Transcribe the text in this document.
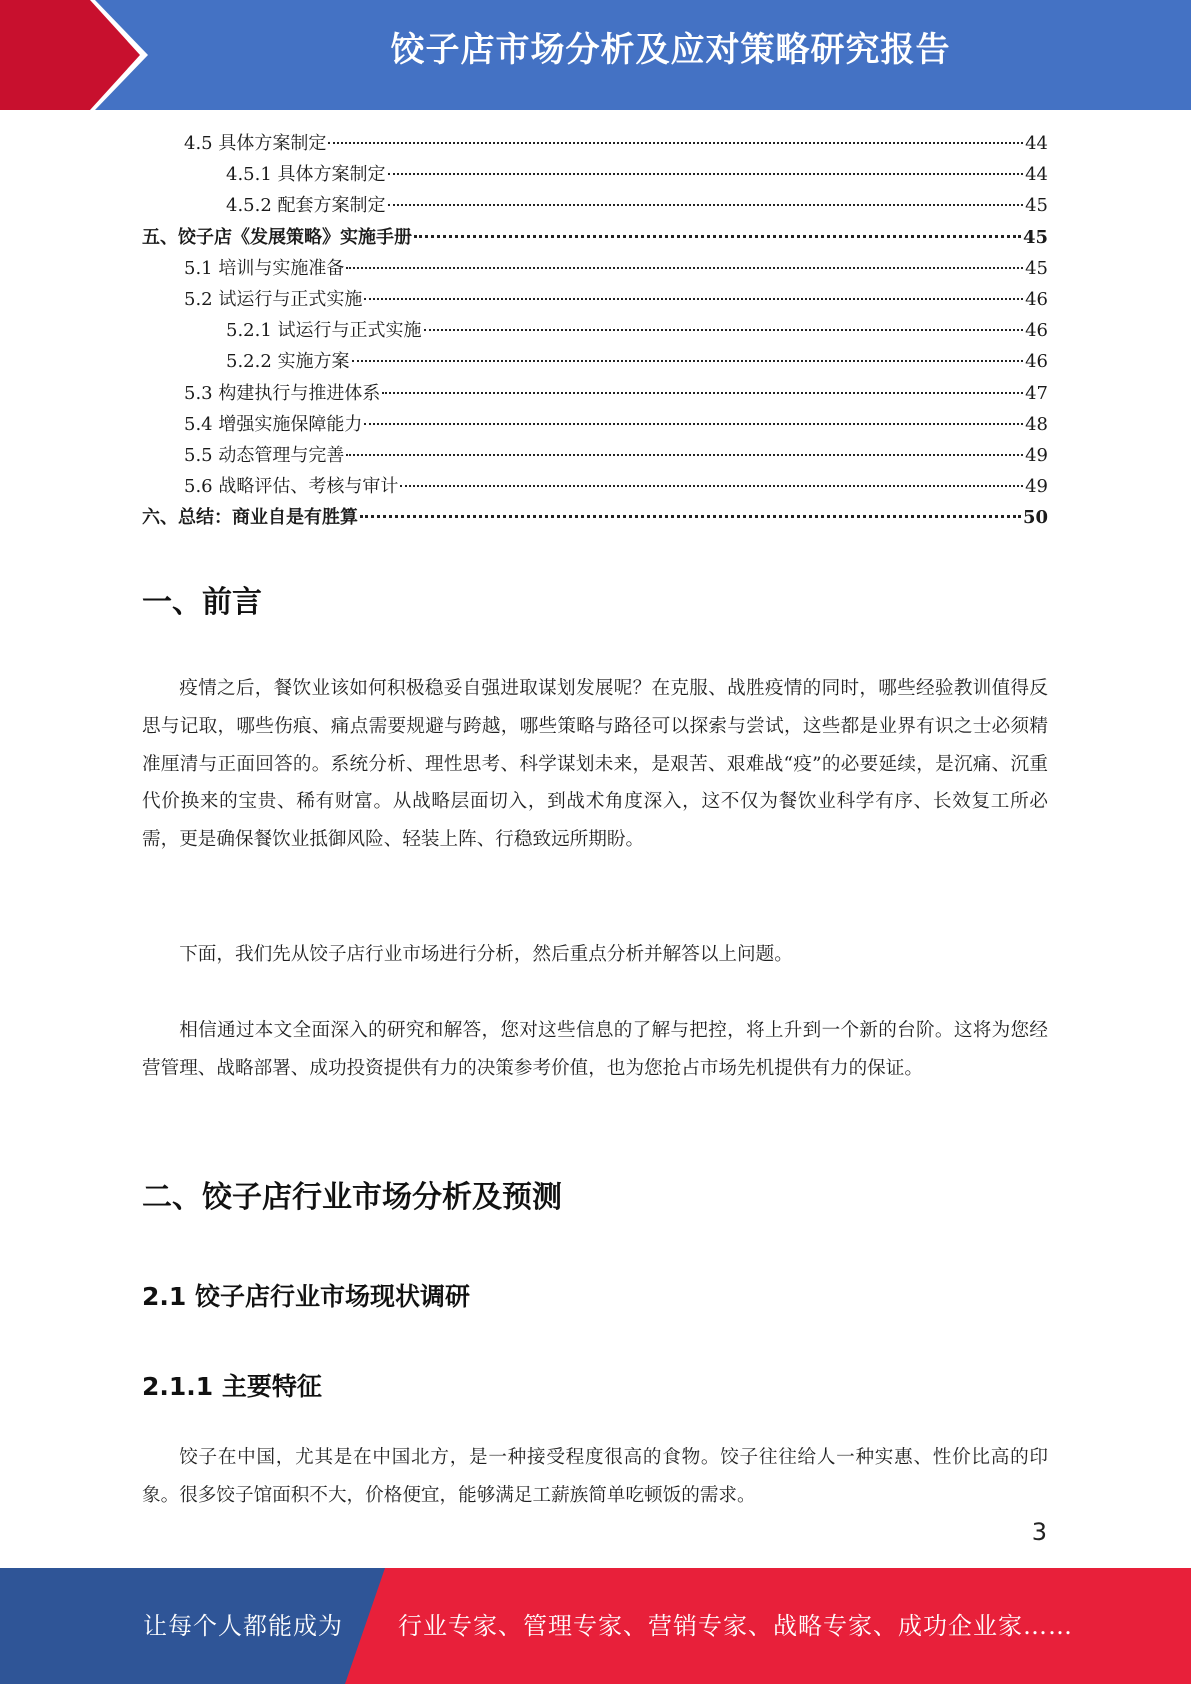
饺子店市场分析及应对策略研究报告
4.5 具体方案制定	44
4.5.1 具体方案制定	44
4.5.2 配套方案制定	45
五、饺子店《发展策略》实施手册	45
5.1 培训与实施准备	45
5.2 试运行与正式实施	46
5.2.1 试运行与正式实施	46
5.2.2 实施方案	46
5.3 构建执行与推进体系	47
5.4 增强实施保障能力	48
5.5 动态管理与完善	49
5.6 战略评估、考核与审计	49
六、总结：商业自是有胜算	50
一、前言
疫情之后，餐饮业该如何积极稳妥自强进取谋划发展呢？在克服、战胜疫情的同时，哪些经验教训值得反思与记取，哪些伤痕、痛点需要规避与跨越，哪些策略与路径可以探索与尝试，这些都是业界有识之士必须精准厘清与正面回答的。系统分析、理性思考、科学谋划未来，是艰苦、艰难战“疫”的必要延续，是沉痛、沉重代价换来的宝贵、稀有财富。从战略层面切入，到战术角度深入，这不仅为餐饮业科学有序、长效复工所必需，更是确保餐饮业抵御风险、轻装上阵、行稳致远所期盼。
下面，我们先从饺子店行业市场进行分析，然后重点分析并解答以上问题。
相信通过本文全面深入的研究和解答，您对这些信息的了解与把控，将上升到一个新的台阶。这将为您经营管理、战略部署、成功投资提供有力的决策参考价值，也为您抢占市场先机提供有力的保证。
二、饺子店行业市场分析及预测
2.1 饺子店行业市场现状调研
2.1.1 主要特征
饺子在中国，尤其是在中国北方，是一种接受程度很高的食物。饺子往往给人一种实惠、性价比高的印象。很多饺子馆面积不大，价格便宜，能够满足工薪族简单吃顿饭的需求。
3
让每个人都能成为 行业专家、管理专家、营销专家、战略专家、成功企业家……
